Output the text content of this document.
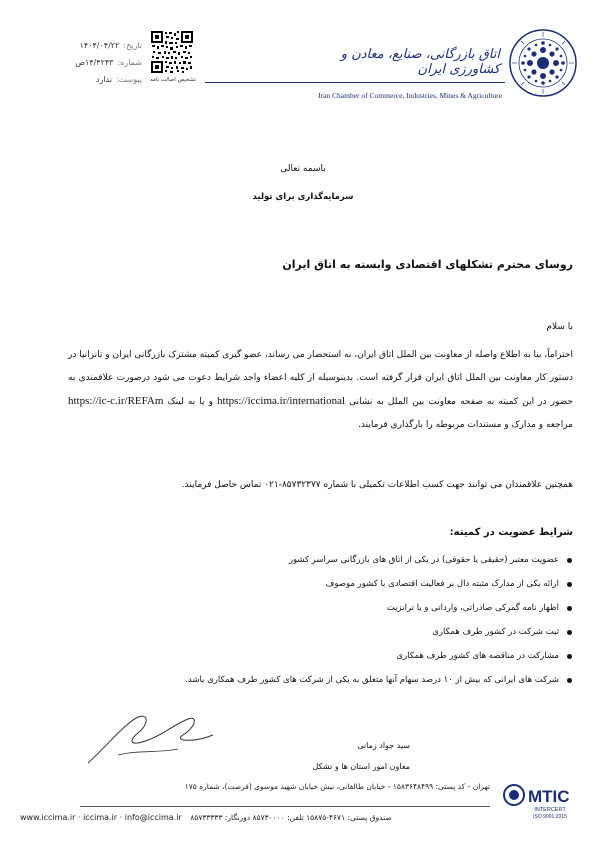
تاریخ:
۱۴۰۴/۰۴/۲۲
شماره:
۱۴/۴۲۴۳ص
پیوست:
ندارد	تشخیص اصالت نامه
اتاق بازرگانی، صنایع، معادن و کشاورزی ایران
Iran Chamber of Commerce, Industries, Mines & Agriculture
باسمه تعالی
سرمایه‌گذاری برای تولید
روسای محترم تشکلهای اقتصادی وابسته به اتاق ایران
با سلام
احتراماً، بنا به اطلاع واصله از معاونت بین الملل اتاق ایران، به استحضار می رساند، عضو گیری کمیته مشترک بازرگانی ایران و تانزانیا در دستور کار معاونت بین الملل اتاق ایران قرار گرفته است. بدینوسیله از کلیه اعضاء واجد شرایط دعوت می شود درصورت علاقمندی به حضور در این کمیته به صفحه معاونت بین الملل به نشانی https://iccima.ir/international و یا به لینک https://ic-c.ir/REFAm مراجعه و مدارک و مستندات مربوطه را بارگذاری فرمایند.
همچنین علاقمندان می توانند جهت کسب اطلاعات تکمیلی با شماره ۸۵۷۳۲۳۷۷-۰۲۱ تماس حاصل فرمایند.
شرایط عضویت در کمیته:
عضویت معتبر (حقیقی یا حقوقی) در یکی از اتاق های بازرگانی سراسر کشور
ارائه یکی از مدارک مثبته دال بر فعالیت اقتصادی با کشور موصوف
اظهار نامه گمرکی صادراتی، وارداتی و یا ترانزیت
ثبت شرکت در کشور طرف همکاری
مشارکت در مناقصه های کشور طرف همکاری
شرکت های ایرانی که بیش از ۱۰ درصد سهام آنها متعلق به یکی از شرکت های کشور طرف همکاری باشد.
سید جواد زمانی
معاون امور استان ها و تشکل
تهران - کد پستی: ۱۵۸۳۶۴۸۴۹۹ - خیابان طالقانی، نبش خیابان شهید موسوی (فرصت)، شماره ۱۷۵
www.iccima.ir · iccima.ir · info@iccima.ir صندوق پستی: ۴۶۷۱-۱۵۸۷۵ تلفن: ۸۵۷۳۰۰۰۰ دورنگار: ۸۵۷۳۳۳۳۳
MTIC
INTERCERT
ISO 9001:2015
